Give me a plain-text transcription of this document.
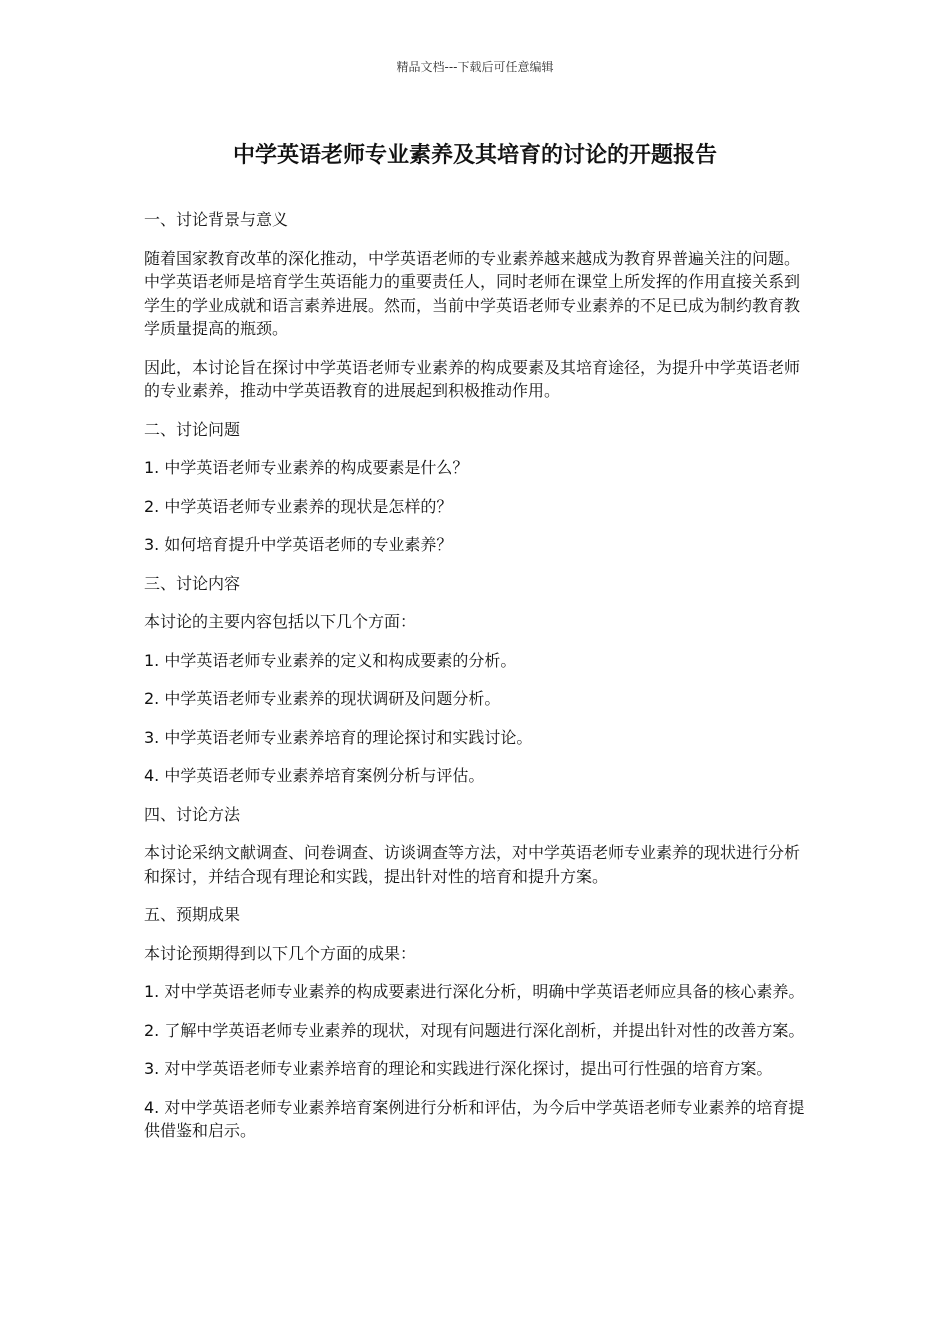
精品文档---下载后可任意编辑
中学英语老师专业素养及其培育的讨论的开题报告

一、讨论背景与意义

随着国家教育改革的深化推动，中学英语老师的专业素养越来越成为教育界普遍关注的问题。中学英语老师是培育学生英语能力的重要责任人，同时老师在课堂上所发挥的作用直接关系到学生的学业成就和语言素养进展。然而，当前中学英语老师专业素养的不足已成为制约教育教学质量提高的瓶颈。

因此，本讨论旨在探讨中学英语老师专业素养的构成要素及其培育途径，为提升中学英语老师的专业素养，推动中学英语教育的进展起到积极推动作用。

二、讨论问题

1. 中学英语老师专业素养的构成要素是什么？

2. 中学英语老师专业素养的现状是怎样的？

3. 如何培育提升中学英语老师的专业素养？

三、讨论内容

本讨论的主要内容包括以下几个方面：

1. 中学英语老师专业素养的定义和构成要素的分析。

2. 中学英语老师专业素养的现状调研及问题分析。

3. 中学英语老师专业素养培育的理论探讨和实践讨论。

4. 中学英语老师专业素养培育案例分析与评估。

四、讨论方法

本讨论采纳文献调查、问卷调查、访谈调查等方法，对中学英语老师专业素养的现状进行分析和探讨，并结合现有理论和实践，提出针对性的培育和提升方案。

五、预期成果

本讨论预期得到以下几个方面的成果：

1. 对中学英语老师专业素养的构成要素进行深化分析，明确中学英语老师应具备的核心素养。

2. 了解中学英语老师专业素养的现状，对现有问题进行深化剖析，并提出针对性的改善方案。

3. 对中学英语老师专业素养培育的理论和实践进行深化探讨，提出可行性强的培育方案。

4. 对中学英语老师专业素养培育案例进行分析和评估，为今后中学英语老师专业素养的培育提供借鉴和启示。
